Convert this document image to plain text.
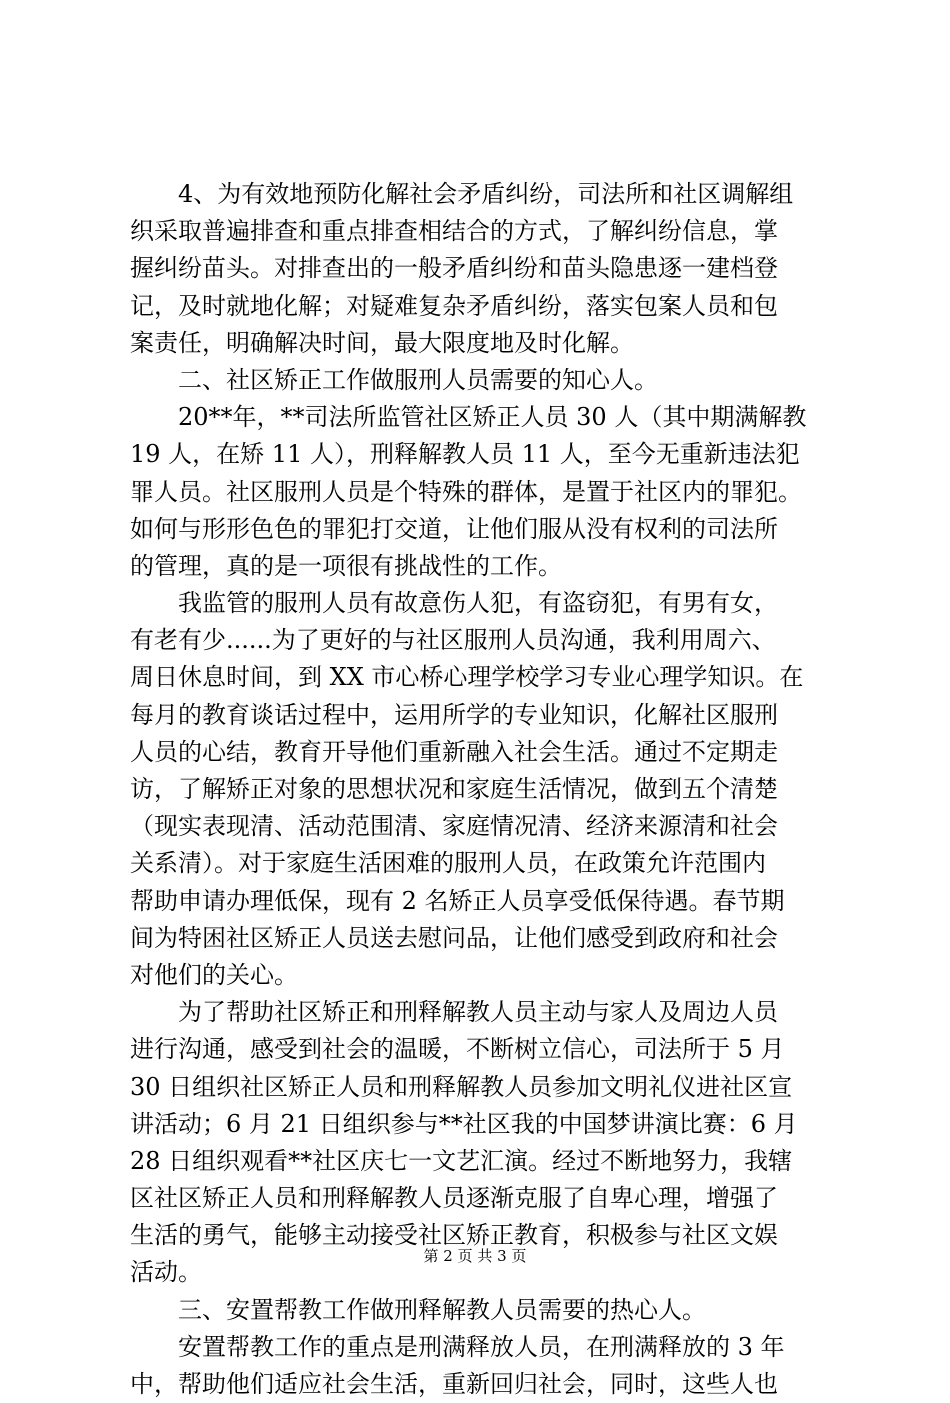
4、为有效地预防化解社会矛盾纠纷，司法所和社区调解组
织采取普遍排查和重点排查相结合的方式，了解纠纷信息，掌
握纠纷苗头。对排查出的一般矛盾纠纷和苗头隐患逐一建档登
记，及时就地化解；对疑难复杂矛盾纠纷，落实包案人员和包
案责任，明确解决时间，最大限度地及时化解。
二、社区矫正工作做服刑人员需要的知心人。
20**年，**司法所监管社区矫正人员 30 人（其中期满解教
19 人，在矫 11 人），刑释解教人员 11 人，至今无重新违法犯
罪人员。社区服刑人员是个特殊的群体，是置于社区内的罪犯。
如何与形形色色的罪犯打交道，让他们服从没有权利的司法所
的管理，真的是一项很有挑战性的工作。
我监管的服刑人员有故意伤人犯，有盗窃犯，有男有女，
有老有少......为了更好的与社区服刑人员沟通，我利用周六、
周日休息时间，到 XX 市心桥心理学校学习专业心理学知识。在
每月的教育谈话过程中，运用所学的专业知识，化解社区服刑
人员的心结，教育开导他们重新融入社会生活。通过不定期走
访，了解矫正对象的思想状况和家庭生活情况，做到五个清楚
（现实表现清、活动范围清、家庭情况清、经济来源清和社会
关系清）。对于家庭生活困难的服刑人员，在政策允许范围内
帮助申请办理低保，现有 2 名矫正人员享受低保待遇。春节期
间为特困社区矫正人员送去慰问品，让他们感受到政府和社会
对他们的关心。
为了帮助社区矫正和刑释解教人员主动与家人及周边人员
进行沟通，感受到社会的温暖，不断树立信心，司法所于 5 月
30 日组织社区矫正人员和刑释解教人员参加文明礼仪进社区宣
讲活动；6 月 21 日组织参与**社区我的中国梦讲演比赛：6 月
28 日组织观看**社区庆七一文艺汇演。经过不断地努力，我辖
区社区矫正人员和刑释解教人员逐渐克服了自卑心理，增强了
生活的勇气，能够主动接受社区矫正教育，积极参与社区文娱
活动。
三、安置帮教工作做刑释解教人员需要的热心人。
安置帮教工作的重点是刑满释放人员，在刑满释放的 3 年
中，帮助他们适应社会生活，重新回归社会，同时，这些人也
第 2 页 共 3 页
